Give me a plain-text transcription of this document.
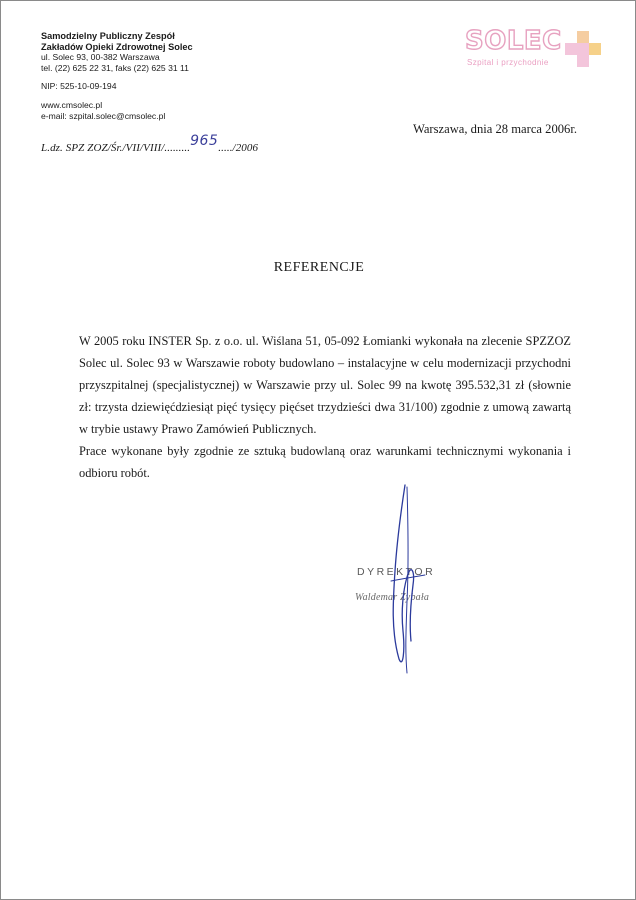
Samodzielny Publiczny Zespół
Zakładów Opieki Zdrowotnej Solec
ul. Solec 93, 00-382 Warszawa
tel. (22) 625 22 31, faks (22) 625 31 11
NIP: 525-10-09-194
www.cmsolec.pl
e-mail: szpital.solec@cmsolec.pl
SOLEC
Szpital i przychodnie
Warszawa, dnia 28 marca 2006r.
L.dz. SPZ ZOZ/Śr./VII/VIII/.........965...../2006
REFERENCJE

W 2005 roku INSTER Sp. z o.o. ul. Wiślana 51, 05-092 Łomianki wykonała na zlecenie SPZZOZ Solec ul. Solec 93 w Warszawie roboty budowlano – instalacyjne w celu modernizacji przychodni przyszpitalnej (specjalistycznej) w Warszawie przy ul. Solec 99 na kwotę 395.532,31 zł (słownie zł: trzysta dziewięćdziesiąt pięć tysięcy pięćset trzydzieści dwa 31/100) zgodnie z umową zawartą w trybie ustawy Prawo Zamówień Publicznych.

Prace wykonane były zgodnie ze sztuką budowlaną oraz warunkami technicznymi wykonania i odbioru robót.

DYREKTOR
Waldemar Żybała
